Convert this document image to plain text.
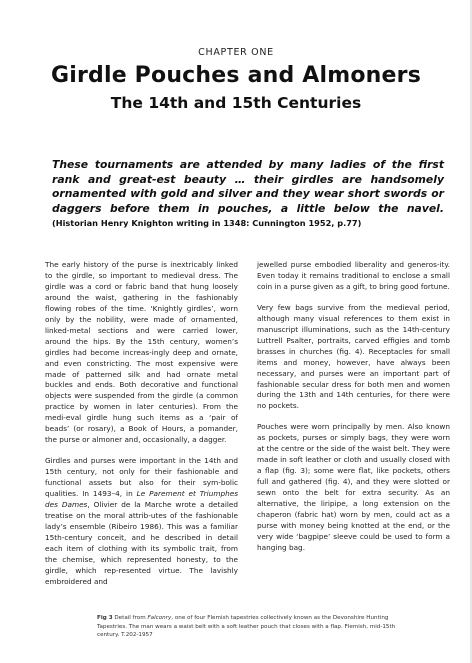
CHAPTER ONE
Girdle Pouches and Almoners
The 14th and 15th Centuries
These tournaments are attended by many ladies of the first rank and great-est beauty … their girdles are handsomely ornamented with gold and silver and they wear short swords or daggers before them in pouches, a little below the navel. (Historian Henry Knighton writing in 1348: Cunnington 1952, p.77)

The early history of the purse is inextricably linked to the girdle, so important to medieval dress. The girdle was a cord or fabric band that hung loosely around the waist, gathering in the fashionably flowing robes of the time. ‘Knightly girdles’, worn only by the nobility, were made of ornamented, linked-metal sections and were carried lower, around the hips. By the 15th century, women’s girdles had become increas-ingly deep and ornate, and even constricting. The most expensive were made of patterned silk and had ornate metal buckles and ends. Both decorative and functional objects were suspended from the girdle (a common practice by women in later centuries). From the medi-eval girdle hung such items as a ‘pair of beads’ (or rosary), a Book of Hours, a pomander, the purse or almoner and, occasionally, a dagger.

Girdles and purses were important in the 14th and 15th century, not only for their fashionable and functional assets but also for their sym-bolic qualities. In 1493–4, in Le Parement et Triumphes des Dames, Olivier de la Marche wrote a detailed treatise on the moral attrib-utes of the fashionable lady’s ensemble (Ribeiro 1986). This was a familiar 15th-century conceit, and he described in detail each item of clothing with its symbolic trait, from the chemise, which represented honesty, to the girdle, which rep-resented virtue. The lavishly embroidered and

jewelled purse embodied liberality and generos-ity. Even today it remains traditional to enclose a small coin in a purse given as a gift, to bring good fortune.

Very few bags survive from the medieval period, although many visual references to them exist in manuscript illuminations, such as the 14th-century Luttrell Psalter, portraits, carved effigies and tomb brasses in churches (fig. 4). Receptacles for small items and money, however, have always been necessary, and purses were an important part of fashionable secular dress for both men and women during the 13th and 14th centuries, for there were no pockets.

Pouches were worn principally by men. Also known as pockets, purses or simply bags, they were worn at the centre or the side of the waist belt. They were made in soft leather or cloth and usually closed with a flap (fig. 3); some were flat, like pockets, others full and gathered (fig. 4), and they were slotted or sewn onto the belt for extra security. As an alternative, the liripipe, a long extension on the chaperon (fabric hat) worn by men, could act as a purse with money being knotted at the end, or the very wide ‘bagpipe’ sleeve could be used to form a hanging bag.

Fig 3 Detail from Falconry, one of four Flemish tapestries collectively known as the Devonshire Hunting Tapestries. The man wears a waist belt with a soft leather pouch that closes with a flap. Flemish, mid-15th century. T.202-1957
